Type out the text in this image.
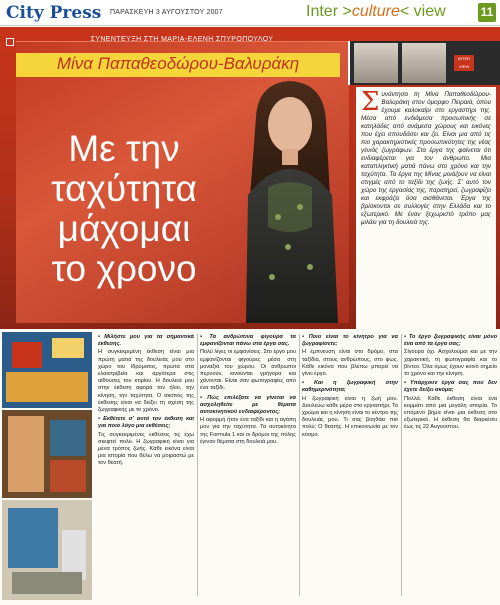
City Press ΠΑΡΑΣΚΕΥΗ 3 ΑΥΓΟΥΣΤΟΥ 2007	Inter >culture< view	11
ΣΥΝΕΝΤΕΥΞΗ ΣΤΗ ΜΑΡΙΑ-ΕΛΕΝΗ ΣΠΥΡΟΠΟΥΛΟΥ
Μίνα Παπαθεοδώρου-Βαλυράκη
Με την
ταχύτητα
μάχομαι
το χρονο
INTER VIEW

Συνάντησα τη Μίνα Παπαθεοδώρου-Βαλυράκη στον όμορφο Πειραιά, όπου έχουμε καλοκαίρι στο εργαστήρι της. Μέσα από ενδιάμεσα προσωπικής σε κατηλάδες από ανάμεσα χώρους και εικόνες που έχει σπουδάσει και ζει. Είναι μια από τις πιο χαρακτηριστικές προσωπικότητες της νέας γενιάς ζωγράφων. Στα έργα της φαίνεται ότι ενδιαφέρεται για τον άνθρωπο. Μια καταπληκτική ματιά πάνω στο χρόνο και την ταχύτητα. Τα έργα της Μίνας μοιάζουν να είναι στιγμές από το ταξίδι της ζωής. Σ' αυτό τον χώρο της εργασίας της, παρατηρεί, ζωγραφίζει και εκφράζει όσα αισθάνεται. Έργα της βρίσκονται σε συλλογές στην Ελλάδα και το εξωτερικό. Με έναν ξεχωριστό τρόπο μας μιλάει για τη δουλειά της.

• Μιλήστε μου για τα σημαντικά έκθεσης.

Η συγκεκριμένη έκθεση είναι μια πρώτη ματιά της δουλειάς μου στο χώρο του Ιδρύματος, πρώτα στα ελαιοτριβεία και αργότερα στις αίθουσες του κτιρίου. Η δουλειά μου στην έκθεση αφορά τον ήλιο, την κίνηση, την ταχύτητα. Ο σκοπός της έκθεσης είναι να δείξει τη σχέση της ζωγραφικής με το χρόνο.

• Εκθέτετε σ' αυτό τον έκθεση και για ποιο λόγο μια εκθέσεις;

Τις συγκεκριμένες εκθέσεις τις έχω σκεφτεί πολύ. Η ζωγραφική είναι για μένα τρόπος ζωής. Κάθε εικόνα είναι μια ιστορία που θέλω να μοιραστώ με τον θεατή.

• Τα ανθρώπινα φιγούρα τα εμφανίζονται πάνω στα έργα σας.

Πολύ λίγες οι εμφανίσεις. Στο έργο μου εμφανίζονται φιγούρες μέσα στη μοναξιά του χώρου. Οι άνθρωποι περνούν, κινούνται γρήγορα και χάνονται. Είναι σαν φωτογραφίες από ένα ταξίδι.

• Πώς επιλέξατε να γίνεται να ασχοληθείτε με θέματα αυτοκινητικού ενδιαφέροντος;

Η αφορμή ήταν ένα ταξίδι και η αγάπη μου για την ταχύτητα. Τα αυτοκίνητα της Formula 1 και οι δρόμοι της πόλης έγιναν θέματα στη δουλειά μου.

• Ποιο είναι το κίνητρο για να ζωγραφίσετε;

Η έμπνευση είναι στο δρόμο, στα ταξίδια, στους ανθρώπους, στο φως. Κάθε εικόνα που βλέπω μπορεί να γίνει έργο.

• Και η ζωγραφική στην καθημερινότητα;

Η ζωγραφική είναι η ζωή μου. Δουλεύω κάθε μέρα στο εργαστήρι. Το χρώμα και η κίνηση είναι το κέντρο της δουλειάς μου. Τι σας βοηθάει πιο πολύ; Ο θεατής. Η επικοινωνία με τον κόσμο.

• Το έργο ζωγραφικής είναι μόνο ένα από τα έργα σας;

Σίγουρα όχι. Ασχολούμαι και με την χαρακτική, τη φωτογραφία και το βίντεο. Όλα όμως έχουν κοινό σημείο το χρόνο και την κίνηση.

• Υπάρχουν έργα σας που δεν έχετε δείξει ακόμα;

Πολλά. Κάθε έκθεση είναι ένα κομμάτι από μια μεγάλη ιστορία. Το επόμενο βήμα είναι μια έκθεση στο εξωτερικό. Η έκθεση θα διαρκέσει έως τις 22 Αυγούστου.
